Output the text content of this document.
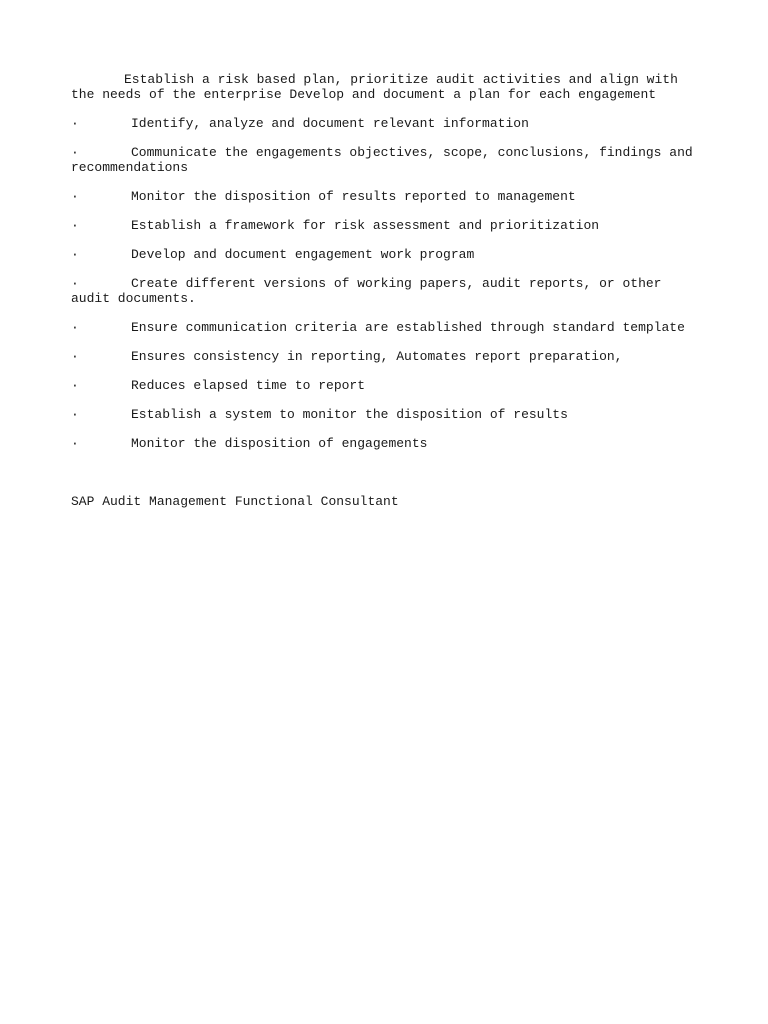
Establish a risk based plan, prioritize audit activities and align with the needs of the enterprise Develop and document a plan for each engagement

·	Identify, analyze and document relevant information
·	Communicate the engagements objectives, scope, conclusions, findings and recommendations
·	Monitor the disposition of results reported to management
·	Establish a framework for risk assessment and prioritization
·	Develop and document engagement work program
·	Create different versions of working papers, audit reports, or other audit documents.
·	Ensure communication criteria are established through standard template
·	Ensures consistency in reporting, Automates report preparation,
·	Reduces elapsed time to report
·	Establish a system to monitor the disposition of results
·	Monitor the disposition of engagements

SAP Audit Management Functional Consultant
